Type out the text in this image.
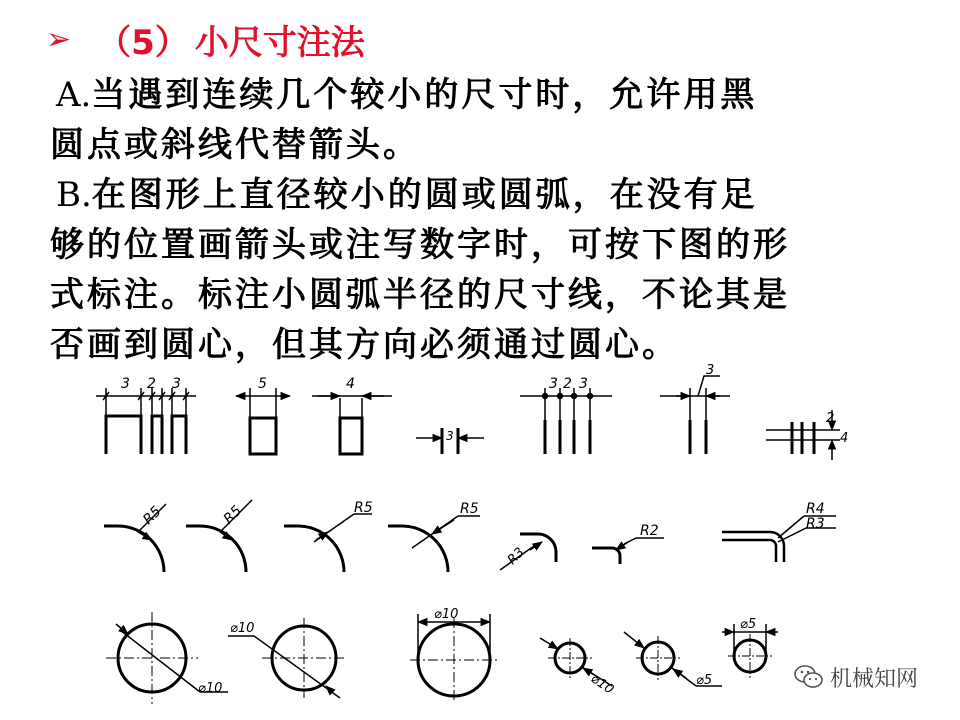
➢ （5） 小尺寸注法
A.当遇到连续几个较小的尺寸时，允许用黑
圆点或斜线代替箭头。
B.在图形上直径较小的圆或圆弧，在没有足
够的位置画箭头或注写数字时，可按下图的形
式标注。标注小圆弧半径的尺寸线，不论其是
否画到圆心，但其方向必须通过圆心。
3 2 3	5	4
3
3 2 3
3
2
4
R5	R5	R5	R5
R3
R2
R4
R3
⌀10
⌀10
⌀10
⌀10	⌀5
⌀5
机械知网
